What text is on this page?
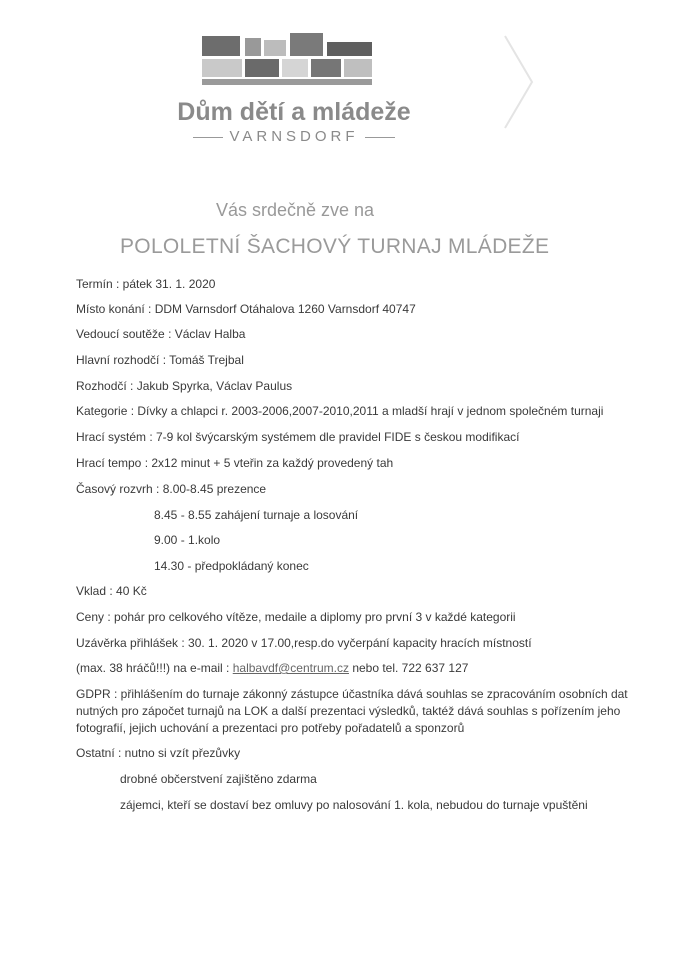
Dům dětí a mládeže
VARNSDORF
Vás srdečně zve na
POLOLETNÍ ŠACHOVÝ TURNAJ MLÁDEŽE
Termín : pátek 31. 1. 2020
Místo konání : DDM Varnsdorf Otáhalova 1260 Varnsdorf 40747
Vedoucí soutěže : Václav Halba
Hlavní rozhodčí : Tomáš Trejbal
Rozhodčí : Jakub Spyrka, Václav Paulus
Kategorie : Dívky a chlapci r. 2003-2006,2007-2010,2011 a mladší hrají v jednom společném turnaji
Hrací systém : 7-9 kol švýcarským systémem dle pravidel FIDE s českou modifikací
Hrací tempo : 2x12 minut + 5 vteřin za každý provedený tah
Časový rozvrh : 8.00-8.45 prezence
8.45 - 8.55 zahájení turnaje a losování
9.00 - 1.kolo
14.30 - předpokládaný konec
Vklad : 40 Kč
Ceny : pohár pro celkového vítěze, medaile a diplomy pro první 3 v každé kategorii
Uzávěrka přihlášek : 30. 1. 2020 v 17.00,resp.do vyčerpání kapacity hracích místností
(max. 38 hráčů!!!) na e-mail : halbavdf@centrum.cz nebo tel. 722 637 127
GDPR : přihlášením do turnaje zákonný zástupce účastníka dává souhlas se zpracováním osobních dat
nutných pro zápočet turnajů na LOK a další prezentaci výsledků, taktéž dává souhlas s pořízením jeho
fotografií, jejich uchování a prezentaci pro potřeby pořadatelů a sponzorů
Ostatní : nutno si vzít přezůvky
drobné občerstvení zajištěno zdarma
zájemci, kteří se dostaví bez omluvy po nalosování 1. kola, nebudou do turnaje vpuštěni
